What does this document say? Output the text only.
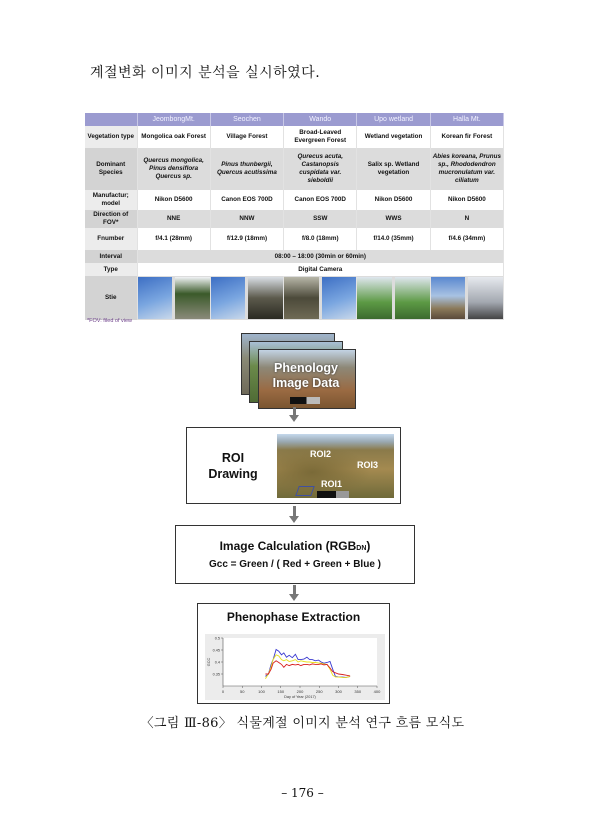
계절변화 이미지 분석을 실시하였다.
	JeombongMt.	Seochen	Wando	Upo wetland	Halla Mt.
Vegetation type	Mongolica oak Forest	Village Forest	Broad-Leaved Evergreen Forest	Wetland vegetation	Korean fir Forest
Dominant Species	Quercus mongolica, Pinus densiflora Quercus sp.	Pinus thunbergii, Quercus acutissima	Qurecus acuta, Castanopsis cuspidata var. sieboldii	Salix sp. Wetland vegetation	Abies koreana, Prunus sp., Rhododendron mucronulatum var. ciliatum
Manufactur; model	Nikon D5600	Canon EOS 700D	Canon EOS 700D	Nikon D5600	Nikon D5600
Direction of FOV*	NNE	NNW	SSW	WWS	N
Fnumber	f/4.1 (28mm)	f/12.9 (18mm)	f/8.0 (18mm)	f/14.0 (35mm)	f/4.6 (34mm)
Interval	08:00 – 18:00 (30min or 60min)				
Type	Digital Camera				
Stie	

*FOV: filed of view
Phenology
Image Data
ROI
Drawing
ROI2
ROI3
ROI1
Image Calculation (RGBDN)
Gcc = Green / ( Red + Green + Blue )
Phenophase Extraction
0	50	100	150	200	250	300	350	400
0.35
0.4
0.45
0.5
Day of Year (2017)
GCC
〈그림 Ⅲ-86〉 식물계절 이미지 분석 연구 흐름 모식도
– 176 –
